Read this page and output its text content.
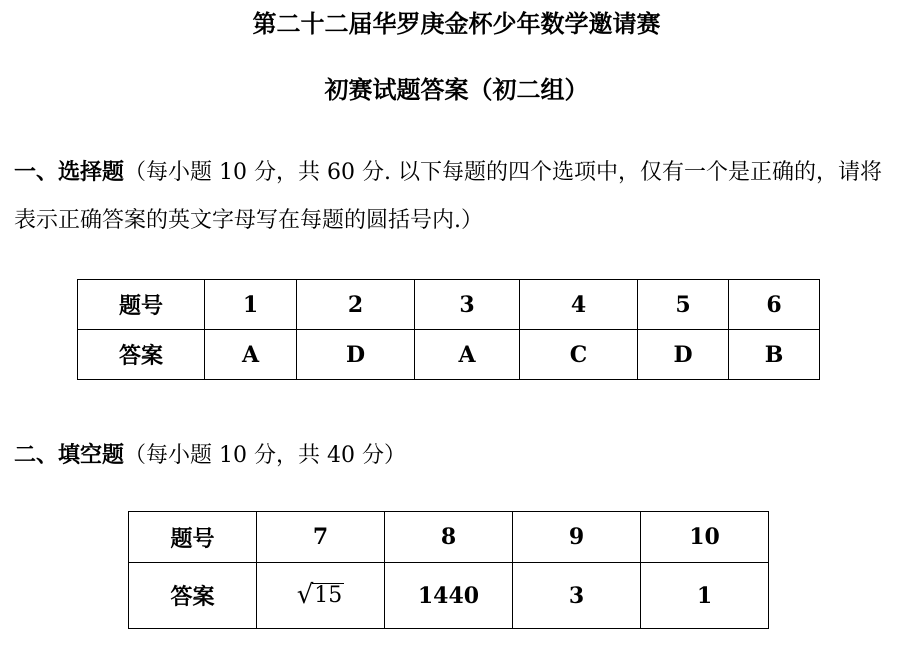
第二十二届华罗庚金杯少年数学邀请赛
初赛试题答案（初二组）

一、选择题（每小题 10 分，共 60 分. 以下每题的四个选项中，仅有一个是正确的，请将表示正确答案的英文字母写在每题的圆括号内.）

题号	1	2	3	4	5	6
答案	A	D	A	C	D	B

二、填空题（每小题 10 分，共 40 分）

题号	7	8	9	10
答案	√ 15	1440	3	1
